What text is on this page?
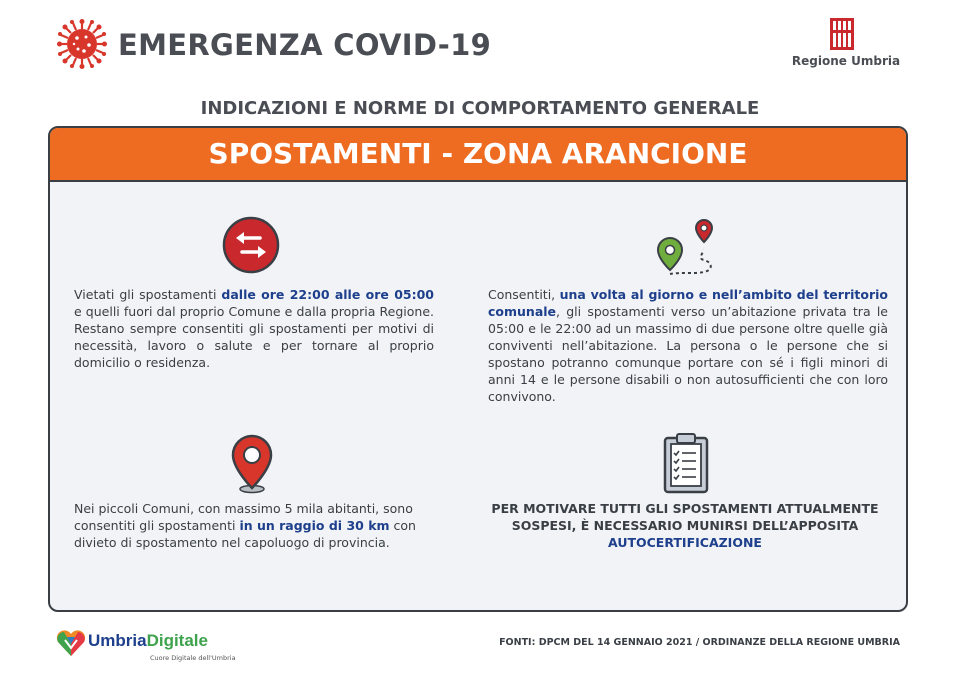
EMERGENZA COVID-19	Regione Umbria
INDICAZIONI E NORME DI COMPORTAMENTO GENERALE
SPOSTAMENTI - ZONA ARANCIONE
Vietati gli spostamenti dalle ore 22:00 alle ore 05:00 e quelli fuori dal proprio Comune e dalla propria Regione. Restano sempre consentiti gli spostamenti per motivi di necessità, lavoro o salute e per tornare al proprio domicilio o residenza.
Consentiti, una volta al giorno e nell’ambito del territorio comunale, gli spostamenti verso un’abitazione privata tra le 05:00 e le 22:00 ad un massimo di due persone oltre quelle già conviventi nell’abitazione. La persona o le persone che si spostano potranno comunque portare con sé i figli minori di anni 14 e le persone disabili o non autosufficienti che con loro convivono.
Nei piccoli Comuni, con massimo 5 mila abitanti, sono consentiti gli spostamenti in un raggio di 30 km con divieto di spostamento nel capoluogo di provincia.
PER MOTIVARE TUTTI GLI SPOSTAMENTI ATTUALMENTE SOSPESI, È NECESSARIO MUNIRSI DELL’APPOSITA AUTOCERTIFICAZIONE
UmbriaDigitale
Cuore Digitale dell'Umbria
FONTI: DPCM DEL 14 GENNAIO 2021 / ORDINANZE DELLA REGIONE UMBRIA
